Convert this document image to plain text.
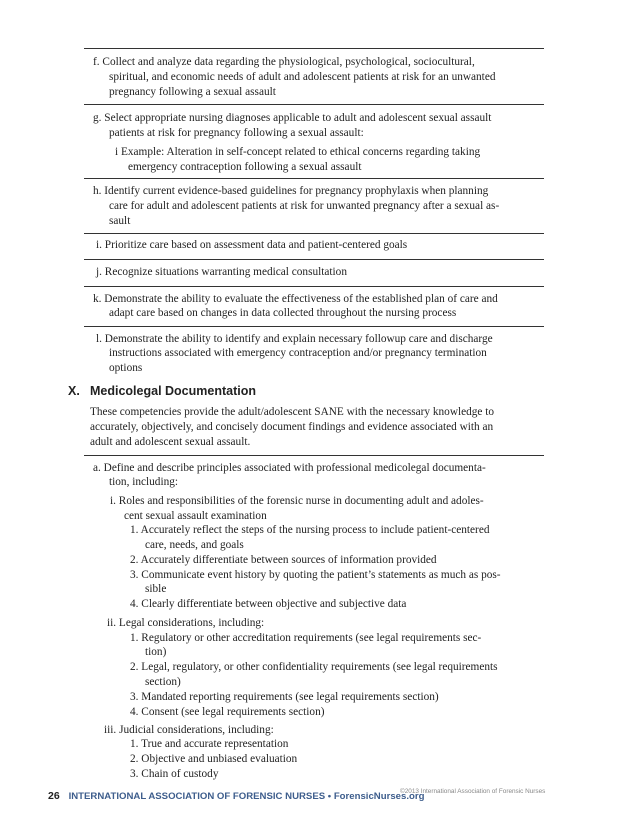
f. Collect and analyze data regarding the physiological, psychological, sociocultural,
spiritual, and economic needs of adult and adolescent patients at risk for an unwanted
pregnancy following a sexual assault
g. Select appropriate nursing diagnoses applicable to adult and adolescent sexual assault
patients at risk for pregnancy following a sexual assault:
i Example: Alteration in self-concept related to ethical concerns regarding taking
emergency contraception following a sexual assault
h. Identify current evidence-based guidelines for pregnancy prophylaxis when planning
care for adult and adolescent patients at risk for unwanted pregnancy after a sexual as-
sault
i. Prioritize care based on assessment data and patient-centered goals
j. Recognize situations warranting medical consultation
k. Demonstrate the ability to evaluate the effectiveness of the established plan of care and
adapt care based on changes in data collected throughout the nursing process
l. Demonstrate the ability to identify and explain necessary followup care and discharge
instructions associated with emergency contraception and/or pregnancy termination
options
X. Medicolegal Documentation
These competencies provide the adult/adolescent SANE with the necessary knowledge to
accurately, objectively, and concisely document findings and evidence associated with an
adult and adolescent sexual assault.
a. Define and describe principles associated with professional medicolegal documenta-
tion, including:
i. Roles and responsibilities of the forensic nurse in documenting adult and adoles-
cent sexual assault examination
1. Accurately reflect the steps of the nursing process to include patient-centered
care, needs, and goals
2. Accurately differentiate between sources of information provided
3. Communicate event history by quoting the patient’s statements as much as pos-
sible
4. Clearly differentiate between objective and subjective data
ii. Legal considerations, including:
1. Regulatory or other accreditation requirements (see legal requirements sec-
tion)
2. Legal, regulatory, or other confidentiality requirements (see legal requirements
section)
3. Mandated reporting requirements (see legal requirements section)
4. Consent (see legal requirements section)
iii. Judicial considerations, including:
1. True and accurate representation
2. Objective and unbiased evaluation
3. Chain of custody
26 INTERNATIONAL ASSOCIATION OF FORENSIC NURSES • ForensicNurses.org
©2013 International Association of Forensic Nurses
